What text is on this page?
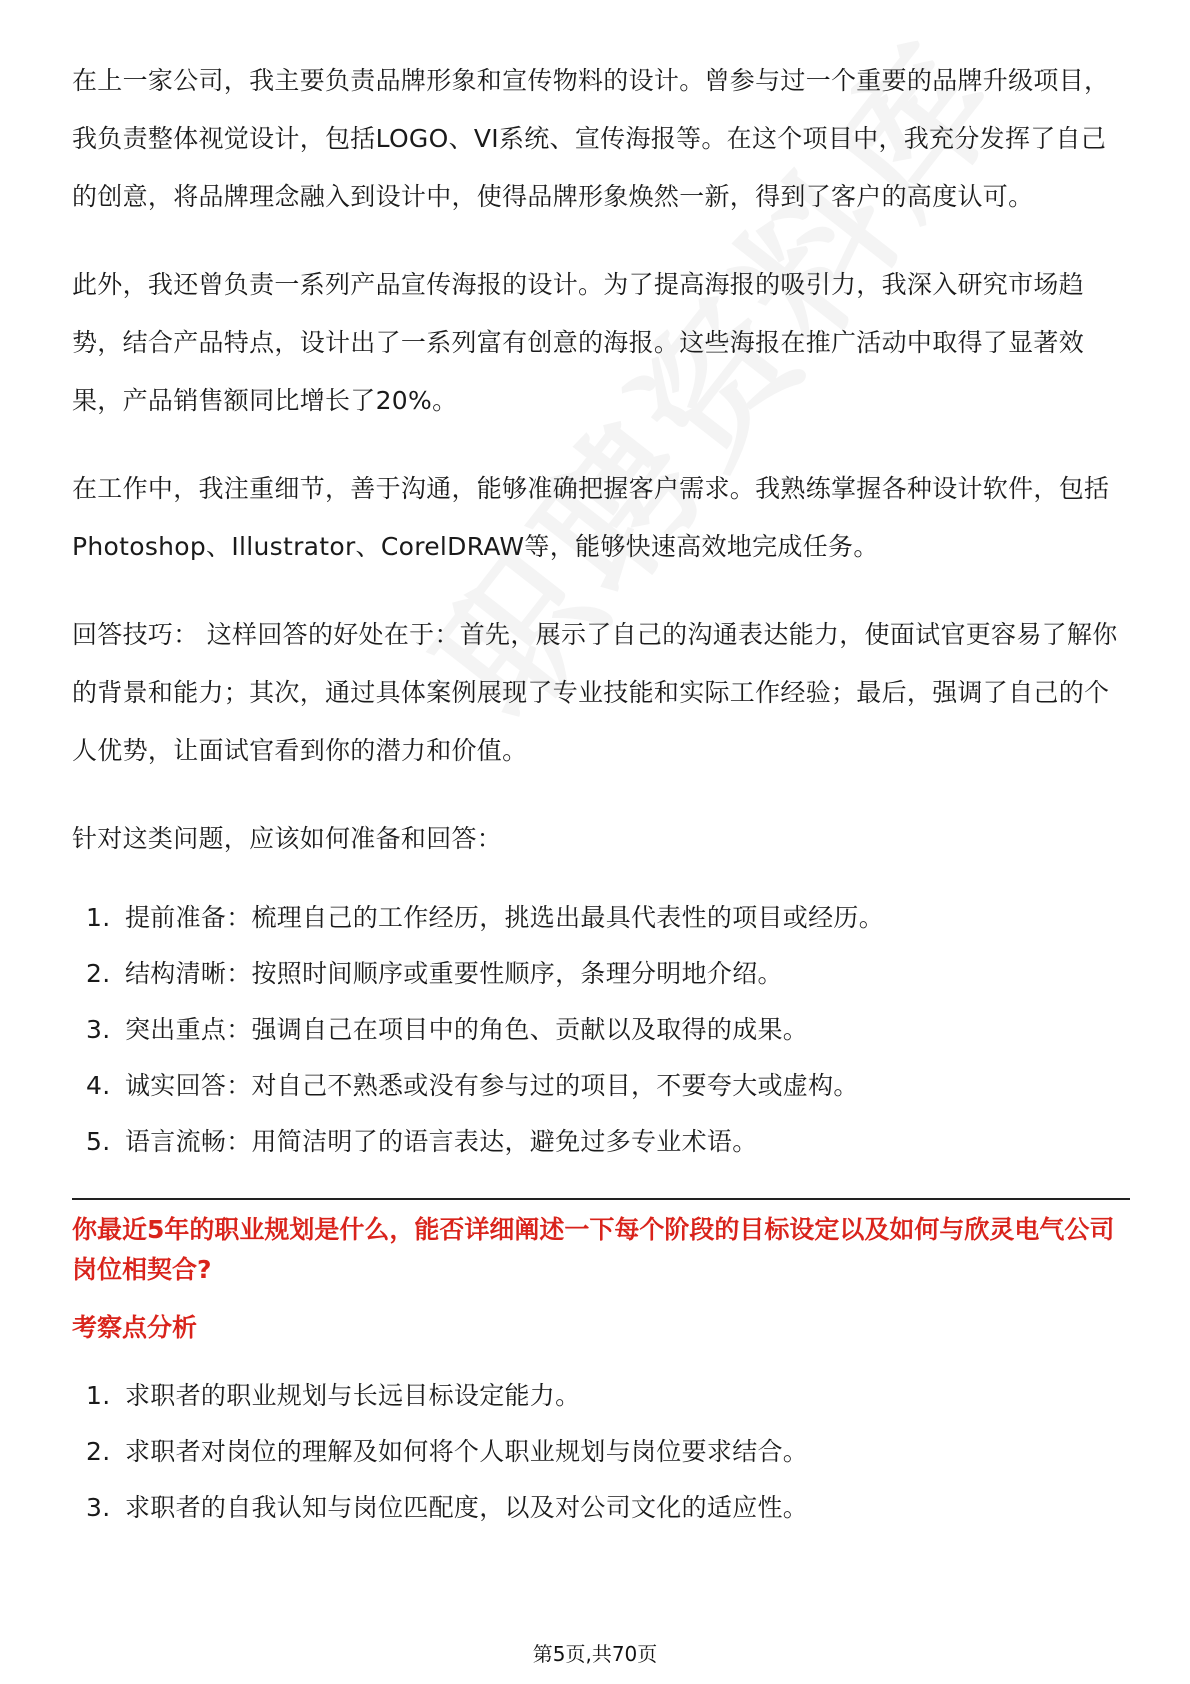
在上一家公司，我主要负责品牌形象和宣传物料的设计。曾参与过一个重要的品牌升级项目，我负责整体视觉设计，包括LOGO、VI系统、宣传海报等。在这个项目中，我充分发挥了自己的创意，将品牌理念融入到设计中，使得品牌形象焕然一新，得到了客户的高度认可。

此外，我还曾负责一系列产品宣传海报的设计。为了提高海报的吸引力，我深入研究市场趋势，结合产品特点，设计出了一系列富有创意的海报。这些海报在推广活动中取得了显著效果，产品销售额同比增长了20%。

在工作中，我注重细节，善于沟通，能够准确把握客户需求。我熟练掌握各种设计软件，包括Photoshop、Illustrator、CorelDRAW等，能够快速高效地完成任务。

回答技巧： 这样回答的好处在于：首先，展示了自己的沟通表达能力，使面试官更容易了解你的背景和能力；其次，通过具体案例展现了专业技能和实际工作经验；最后，强调了自己的个人优势，让面试官看到你的潜力和价值。

针对这类问题，应该如何准备和回答：

1. 提前准备：梳理自己的工作经历，挑选出最具代表性的项目或经历。
2. 结构清晰：按照时间顺序或重要性顺序，条理分明地介绍。
3. 突出重点：强调自己在项目中的角色、贡献以及取得的成果。
4. 诚实回答：对自己不熟悉或没有参与过的项目，不要夸大或虚构。
5. 语言流畅：用简洁明了的语言表达，避免过多专业术语。
你最近5年的职业规划是什么，能否详细阐述一下每个阶段的目标设定以及如何与欣灵电气公司岗位相契合?
考察点分析
1. 求职者的职业规划与长远目标设定能力。
2. 求职者对岗位的理解及如何将个人职业规划与岗位要求结合。
3. 求职者的自我认知与岗位匹配度，以及对公司文化的适应性。
第5页,共70页
